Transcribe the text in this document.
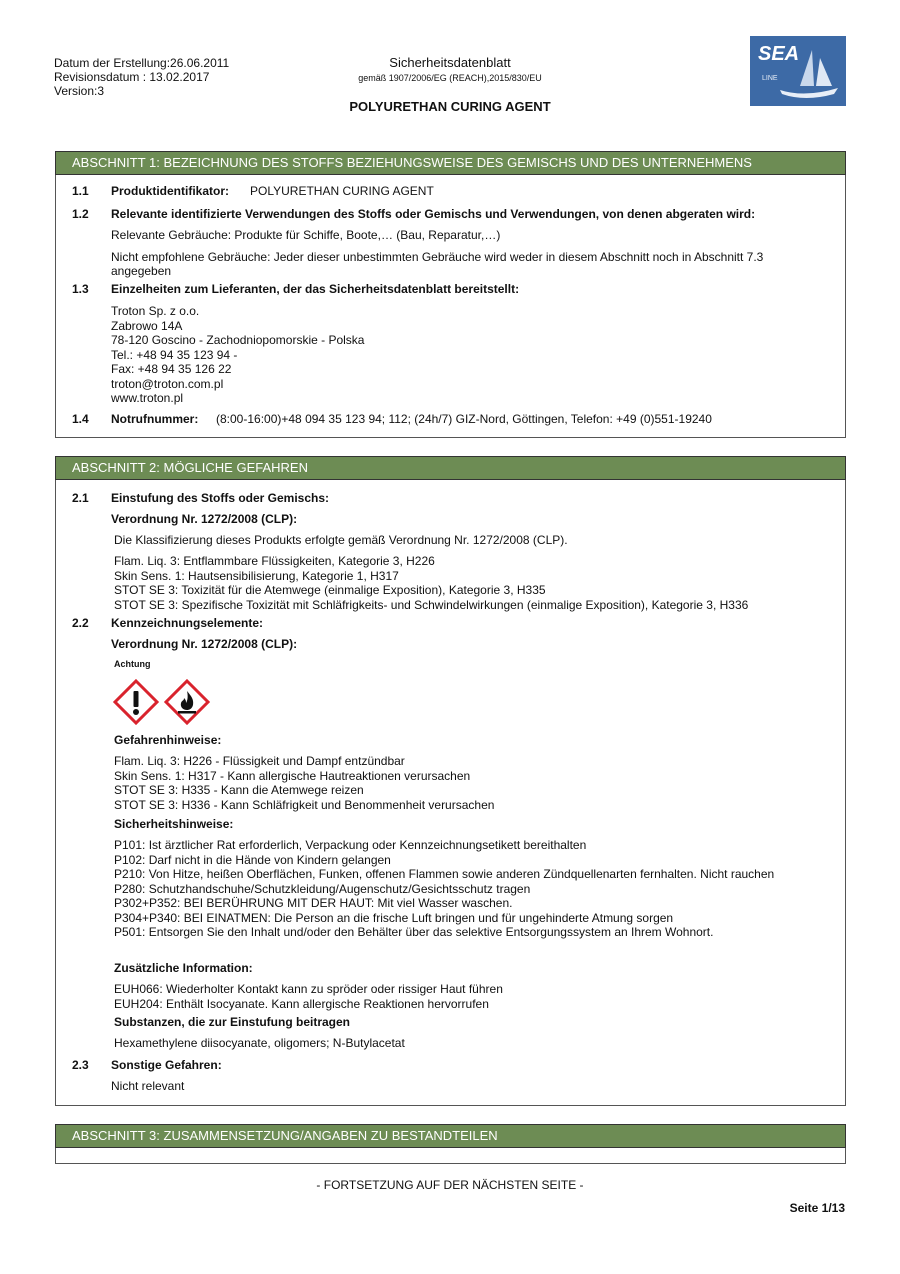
Datum der Erstellung:26.06.2011
Revisionsdatum : 13.02.2017
Version:3
Sicherheitsdatenblatt
gemäß 1907/2006/EG (REACH),2015/830/EU
POLYURETHAN CURING AGENT
SEA
LINE
ABSCHNITT 1: BEZEICHNUNG DES STOFFS BEZIEHUNGSWEISE DES GEMISCHS UND DES UNTERNEHMENS
1.1 Produktidentifikator: POLYURETHAN CURING AGENT
1.2 Relevante identifizierte Verwendungen des Stoffs oder Gemischs und Verwendungen, von denen abgeraten wird:
Relevante Gebräuche: Produkte für Schiffe, Boote,… (Bau, Reparatur,…)
Nicht empfohlene Gebräuche: Jeder dieser unbestimmten Gebräuche wird weder in diesem Abschnitt noch in Abschnitt 7.3
angegeben
1.3 Einzelheiten zum Lieferanten, der das Sicherheitsdatenblatt bereitstellt:
Troton Sp. z o.o.
Zabrowo 14A
78-120 Goscino - Zachodniopomorskie - Polska
Tel.: +48 94 35 123 94 -
Fax: +48 94 35 126 22
troton@troton.com.pl
www.troton.pl
1.4 Notrufnummer: (8:00-16:00)+48 094 35 123 94; 112; (24h/7) GIZ-Nord, Göttingen, Telefon: +49 (0)551-19240
ABSCHNITT 2: MÖGLICHE GEFAHREN
2.1 Einstufung des Stoffs oder Gemischs:
Verordnung Nr. 1272/2008 (CLP):
Die Klassifizierung dieses Produkts erfolgte gemäß Verordnung Nr. 1272/2008 (CLP).
Flam. Liq. 3: Entflammbare Flüssigkeiten, Kategorie 3, H226
Skin Sens. 1: Hautsensibilisierung, Kategorie 1, H317
STOT SE 3: Toxizität für die Atemwege (einmalige Exposition), Kategorie 3, H335
STOT SE 3: Spezifische Toxizität mit Schläfrigkeits- und Schwindelwirkungen (einmalige Exposition), Kategorie 3, H336
2.2 Kennzeichnungselemente:
Verordnung Nr. 1272/2008 (CLP):
Achtung
Gefahrenhinweise:
Flam. Liq. 3: H226 - Flüssigkeit und Dampf entzündbar
Skin Sens. 1: H317 - Kann allergische Hautreaktionen verursachen
STOT SE 3: H335 - Kann die Atemwege reizen
STOT SE 3: H336 - Kann Schläfrigkeit und Benommenheit verursachen
Sicherheitshinweise:
P101: Ist ärztlicher Rat erforderlich, Verpackung oder Kennzeichnungsetikett bereithalten
P102: Darf nicht in die Hände von Kindern gelangen
P210: Von Hitze, heißen Oberflächen, Funken, offenen Flammen sowie anderen Zündquellenarten fernhalten. Nicht rauchen
P280: Schutzhandschuhe/Schutzkleidung/Augenschutz/Gesichtsschutz tragen
P302+P352: BEI BERÜHRUNG MIT DER HAUT: Mit viel Wasser waschen.
P304+P340: BEI EINATMEN: Die Person an die frische Luft bringen und für ungehinderte Atmung sorgen
P501: Entsorgen Sie den Inhalt und/oder den Behälter über das selektive Entsorgungssystem an Ihrem Wohnort.
Zusätzliche Information:
EUH066: Wiederholter Kontakt kann zu spröder oder rissiger Haut führen
EUH204: Enthält Isocyanate. Kann allergische Reaktionen hervorrufen
Substanzen, die zur Einstufung beitragen
Hexamethylene diisocyanate, oligomers; N-Butylacetat
2.3 Sonstige Gefahren:
Nicht relevant
ABSCHNITT 3: ZUSAMMENSETZUNG/ANGABEN ZU BESTANDTEILEN
- FORTSETZUNG AUF DER NÄCHSTEN SEITE -
Seite 1/13
